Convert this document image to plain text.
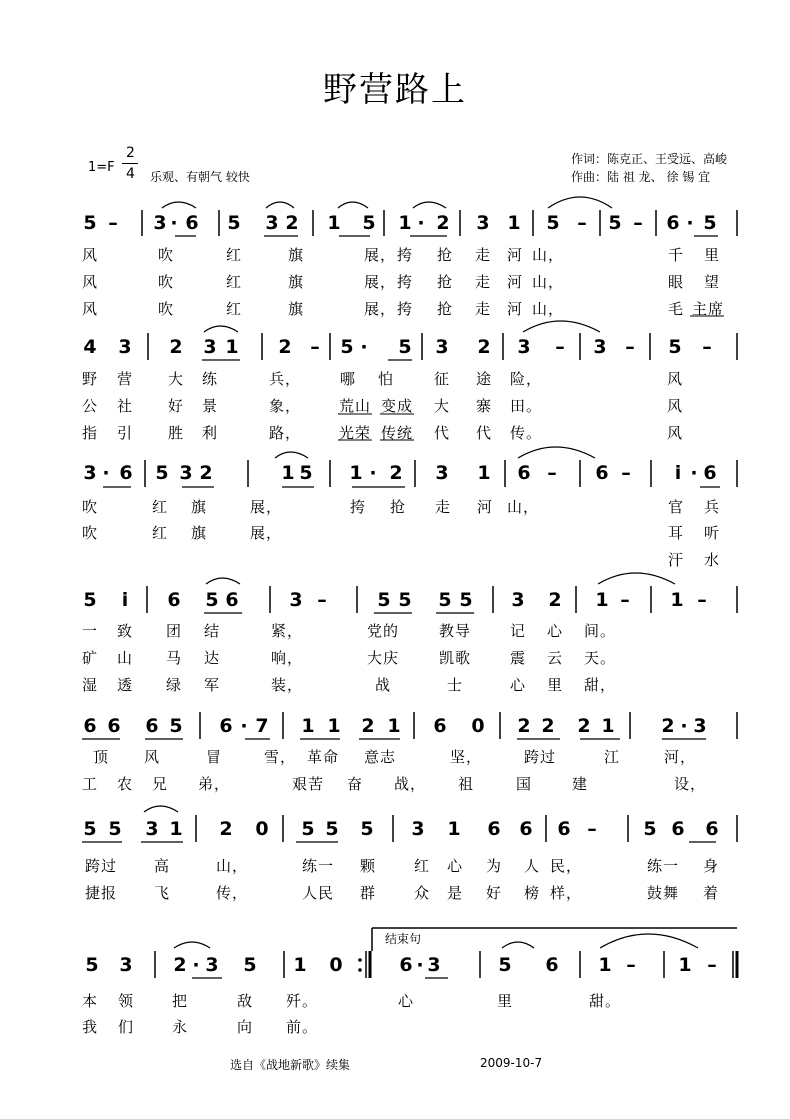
野营路上
1=F
2
4 乐观、有朝气 较快
作词：陈克正、王受远、高峻
作曲：陆 祖 龙、 徐 锡 宜
结束句
选自《战地新歌》续集	2009-10-7
5 – 3 · 6 5 3 2 1 5 1 · 2 3 1 5 – 5 – 6 · 5
风	吹	红	旗	展， 挎 抢 走 河 山，	千 里
风	吹	红	旗	展， 挎 抢 走 河 山，	眼 望
风	吹	红	旗	展， 挎 抢 走 河 山，	毛 主席
4 3 2 3 1 2 – 5 · 5 3 2 3 – 3 – 5 –
野 营 大 练	兵，	哪 怕	征 途 险，	风
公 社 好 景	象，	荒山 变成 大 寨 田。	风
指 引 胜 利	路，	光荣 传统 代 代 传。	风
3 · 6 5 3 2	1 5 1 · 2 3 1 6 – 6 – i · 6
吹	红 旗	展，	挎 抢 走 河 山，	官 兵
吹	红 旗	展，	耳 听
汗 水
5 i 6 5 6	3 –	5 5 5 5 3 2 1 – 1 –
一 致 团 结	紧，	党的	教导	记 心 间。
矿 山 马 达	响，	大庆	凯歌	震 云 天。
湿 透 绿 军	装，	战	士	心 里 甜，
6 6 6 5 6 · 7 1 1 2 1 6 0 2 2 2 1 2 · 3
顶 风	冒	雪， 革命 意志	坚，	跨过	江	河，
工 农 兄 弟，	艰苦 奋 战， 祖	国	建	设，
5 5 3 1 2 0 5 5 5 3 1 6 6 6 – 5 6 6
跨过 高	山，	练一 颗	红 心 为 人 民，	练一 身
捷报 飞	传，	人民 群	众 是 好 榜 样，	鼓舞 着
5 3 2 · 3 5 1 0	6 · 3	5 6 1 – 1 –
本 领	把	敌 歼。	心	里	甜。
我 们	永	向 前。
